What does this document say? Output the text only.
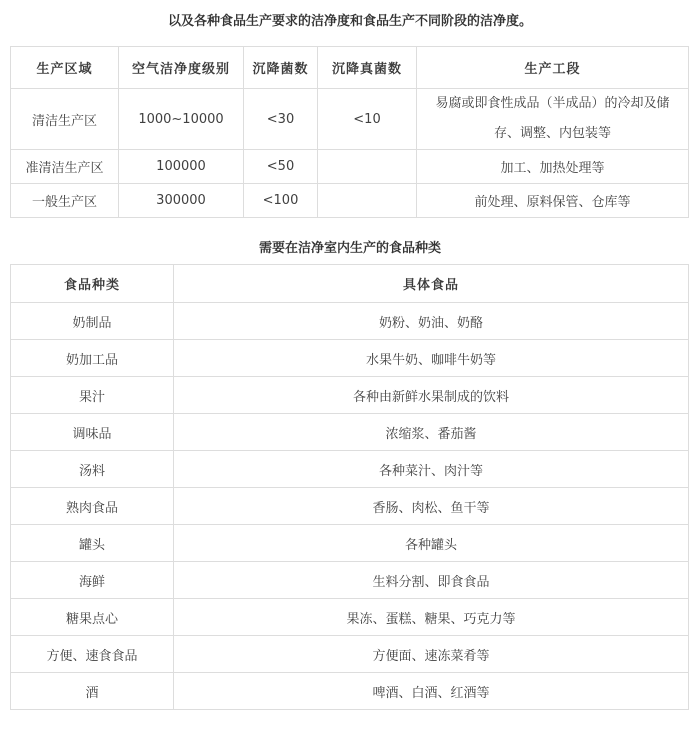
以及各种食品生产要求的洁净度和食品生产不同阶段的洁净度。
生产区域	空气洁净度级别	沉降菌数	沉降真菌数	生产工段
清洁生产区	1000~10000	<30	<10	易腐或即食性成品（半成品）的冷却及储存、调整、内包装等
准清洁生产区	100000	<50		加工、加热处理等
一般生产区	300000	<100		前处理、原料保管、仓库等
需要在洁净室内生产的食品种类
食品种类	具体食品
奶制品	奶粉、奶油、奶酪
奶加工品	水果牛奶、咖啡牛奶等
果汁	各种由新鲜水果制成的饮料
调味品	浓缩浆、番茄酱
汤料	各种菜汁、肉汁等
熟肉食品	香肠、肉松、鱼干等
罐头	各种罐头
海鲜	生料分割、即食食品
糖果点心	果冻、蛋糕、糖果、巧克力等
方便、速食食品	方便面、速冻菜肴等
酒	啤酒、白酒、红酒等
